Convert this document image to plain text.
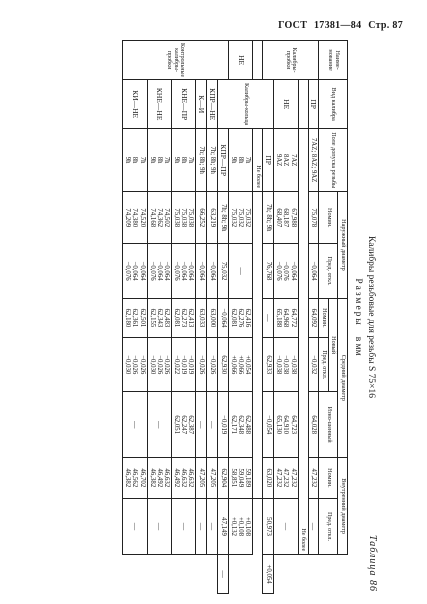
ГОСТ 17381—84 Стр. 87
Таблица 86
Калибры резьбовые для резьбы S 75×16
Размерыв мм
Наиме-нование	Вид калибра	Поле допуска резьбы	Наружный диаметр		Средний диаметр			Внутренний диаметр		
			Номин.	Пред. откл.	Новый		Изно-шенный	Номин.	Пред. откл.	
					Номин.	Пред. откл.				
Калибры-пробки	ПР	7AZ; 8AZ; 9AZ	75,078	−0,064	64,092	−0,032	64,028	47,232	—	
		Не более								
	НЕ	7AZ
8AZ
9AZ	67,988
68,187
68,407	−0,064
−0,076
−0,076	64,772
64,968
65,188	−0,038
−0,038
−0,038	64,723
64,910
65,130	47,232
47,232
47,232	—	
	Калибры-кольца	ПР	7h; 8h; 9h	76,768	—	62,933	−0,054	63,020	50,973	+0,054
Не более										
НЕ		7h
8h
9h	75,032
75,032
75,032	—	62,416
62,276
62,081	+0,054
+0,066
+0,066	62,488
62,348
62,171	59,189
59,049
58,851	+0,108
+0,108
+0,132	

Контрольные калибры-пробки		КПР—ПР	7h; 8h; 9h	75,032	−0,064	62,930	−0,019	62,904	47,149	—
	КПР—НЕ	7h; 8h; 9h	63,219	−0,064	63,000	−0,026	—	47,205	—	
	К—И	7h; 8h; 9h	66,252	−0,064	63,033	−0,026	—	47,205	—	
	КНЕ—ПР	7h
8h
9h	75,038
75,038
75,038	−0,064
−0,064
−0,076	62,413
62,273
62,081	−0,019
−0,019
−0,022	62,387
62,247
62,051	46,632
46,632
46,492	—	
	КНЕ—НЕ	7h
8h
9h	74,502
74,362
74,168	−0,064
−0,064
−0,076	62,483
62,343
62,155	−0,026
−0,026
−0,030	—	46,632
46,492
46,382	—	
	КИ—НЕ	7h
8h
9h	74,520
74,380
74,209	−0,064
−0,064
−0,076	62,501
62,361
62,180	−0,026
−0,026
−0,030	—	46,702
46,562
46,382	—	
